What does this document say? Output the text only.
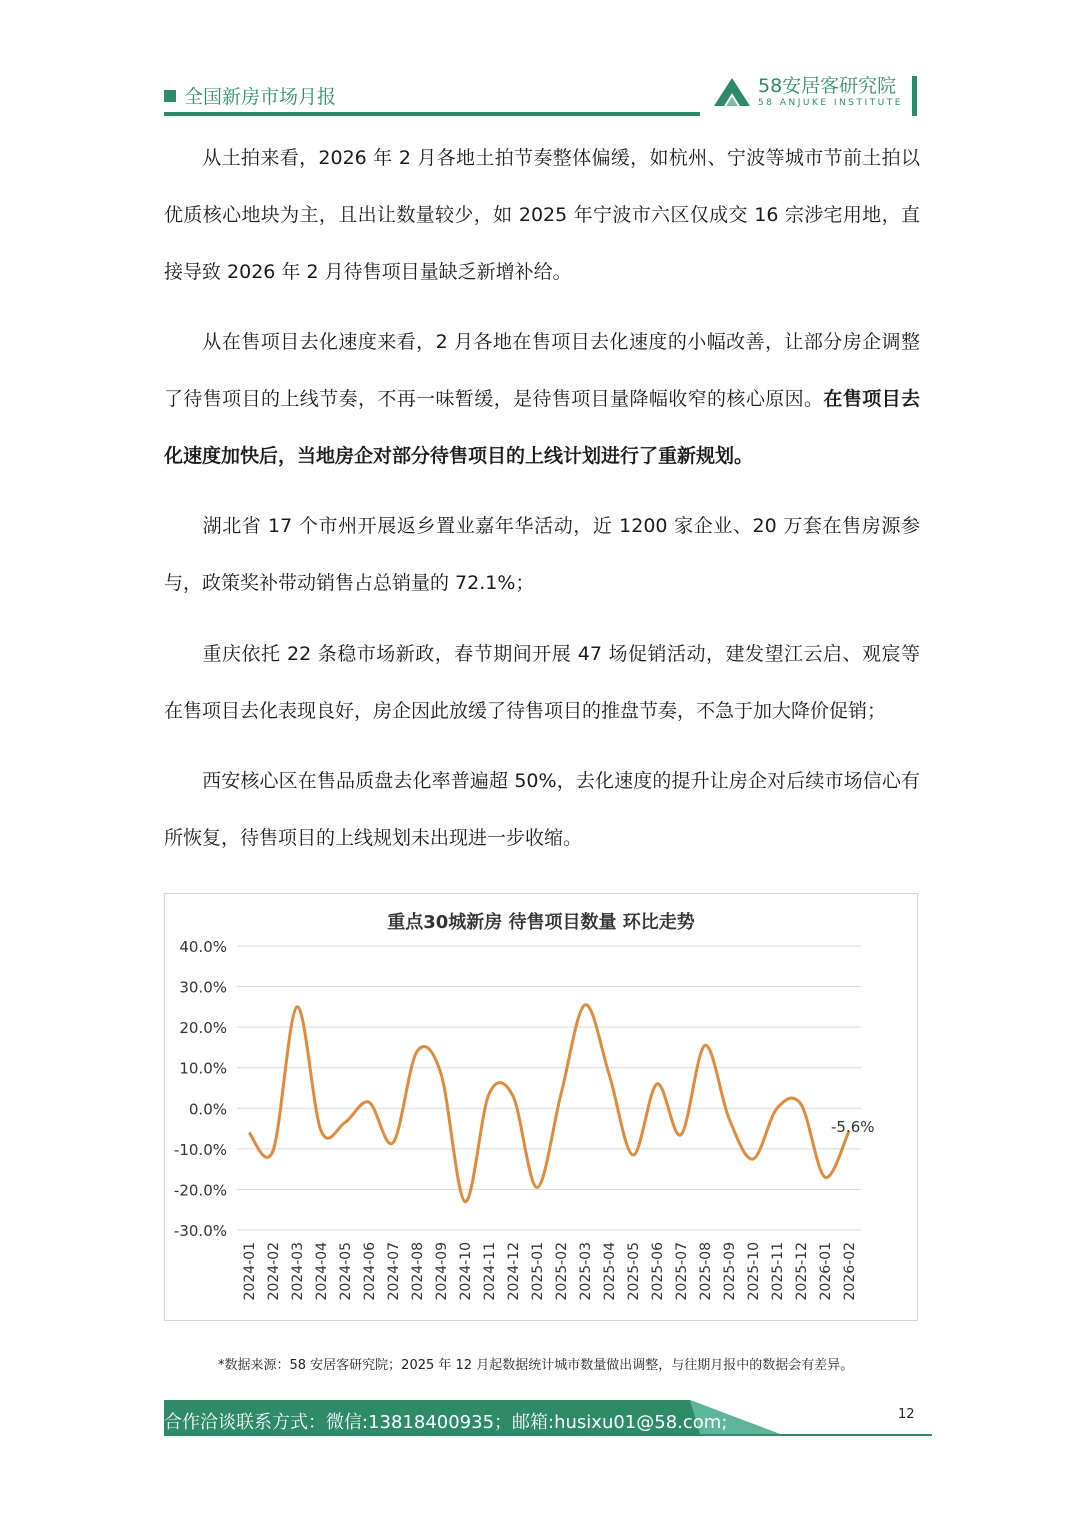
全国新房市场月报	58安居客研究院
58 ANJUKE INSTITUTE

从土拍来看，2026 年 2 月各地土拍节奏整体偏缓，如杭州、宁波等城市节前土拍以优质核心地块为主，且出让数量较少，如 2025 年宁波市六区仅成交 16 宗涉宅用地，直接导致 2026 年 2 月待售项目量缺乏新增补给。

从在售项目去化速度来看，2 月各地在售项目去化速度的小幅改善，让部分房企调整了待售项目的上线节奏，不再一味暂缓，是待售项目量降幅收窄的核心原因。在售项目去化速度加快后，当地房企对部分待售项目的上线计划进行了重新规划。

湖北省 17 个市州开展返乡置业嘉年华活动，近 1200 家企业、20 万套在售房源参与，政策奖补带动销售占总销量的 72.1%；

重庆依托 22 条稳市场新政，春节期间开展 47 场促销活动，建发望江云启、观宸等在售项目去化表现良好，房企因此放缓了待售项目的推盘节奏，不急于加大降价促销；

西安核心区在售品质盘去化率普遍超 50%，去化速度的提升让房企对后续市场信心有所恢复，待售项目的上线规划未出现进一步收缩。

重点30城新房 待售项目数量 环比走势
40.0%
30.0%
20.0%
10.0%
0.0%
-10.0%
-20.0%
-30.0%
2024-01 2024-02 2024-03 2024-04 2024-05 2024-06 2024-07 2024-08 2024-09 2024-10 2024-11 2024-12 2025-01 2025-02 2025-03 2025-04 2025-05 2025-06 2025-07 2025-08 2025-09 2025-10 2025-11 2025-12 2026-01 2026-02
-5.6%
*数据来源：58 安居客研究院；2025 年 12 月起数据统计城市数量做出调整，与往期月报中的数据会有差异。
合作洽谈联系方式：微信:13818400935；邮箱:husixu01@58.com;	12
